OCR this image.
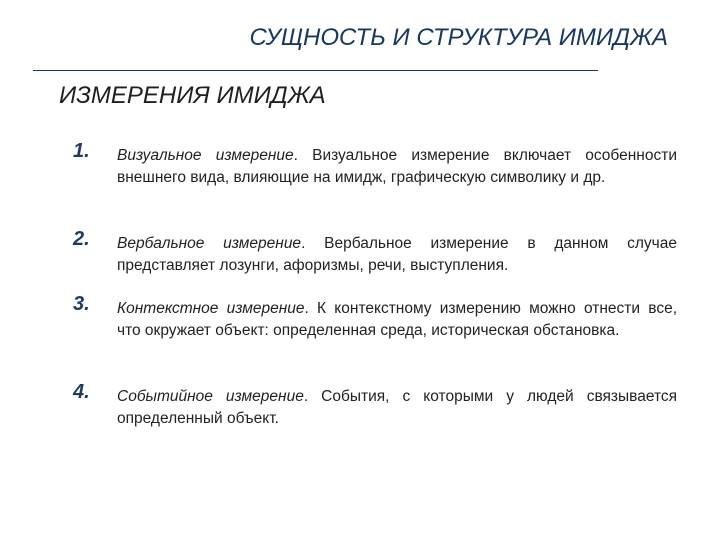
СУЩНОСТЬ И СТРУКТУРА ИМИДЖА
ИЗМЕРЕНИЯ ИМИДЖА
1. Визуальное измерение. Визуальное измерение включает особенности внешнего вида, влияющие на имидж, графическую символику и др.
2. Вербальное измерение. Вербальное измерение в данном случае представляет лозунги, афоризмы, речи, выступления.
3. Контекстное измерение. К контекстному измерению можно отнести все, что окружает объект: определенная среда, историческая обстановка.
4. Событийное измерение. События, с которыми у людей связывается определенный объект.
